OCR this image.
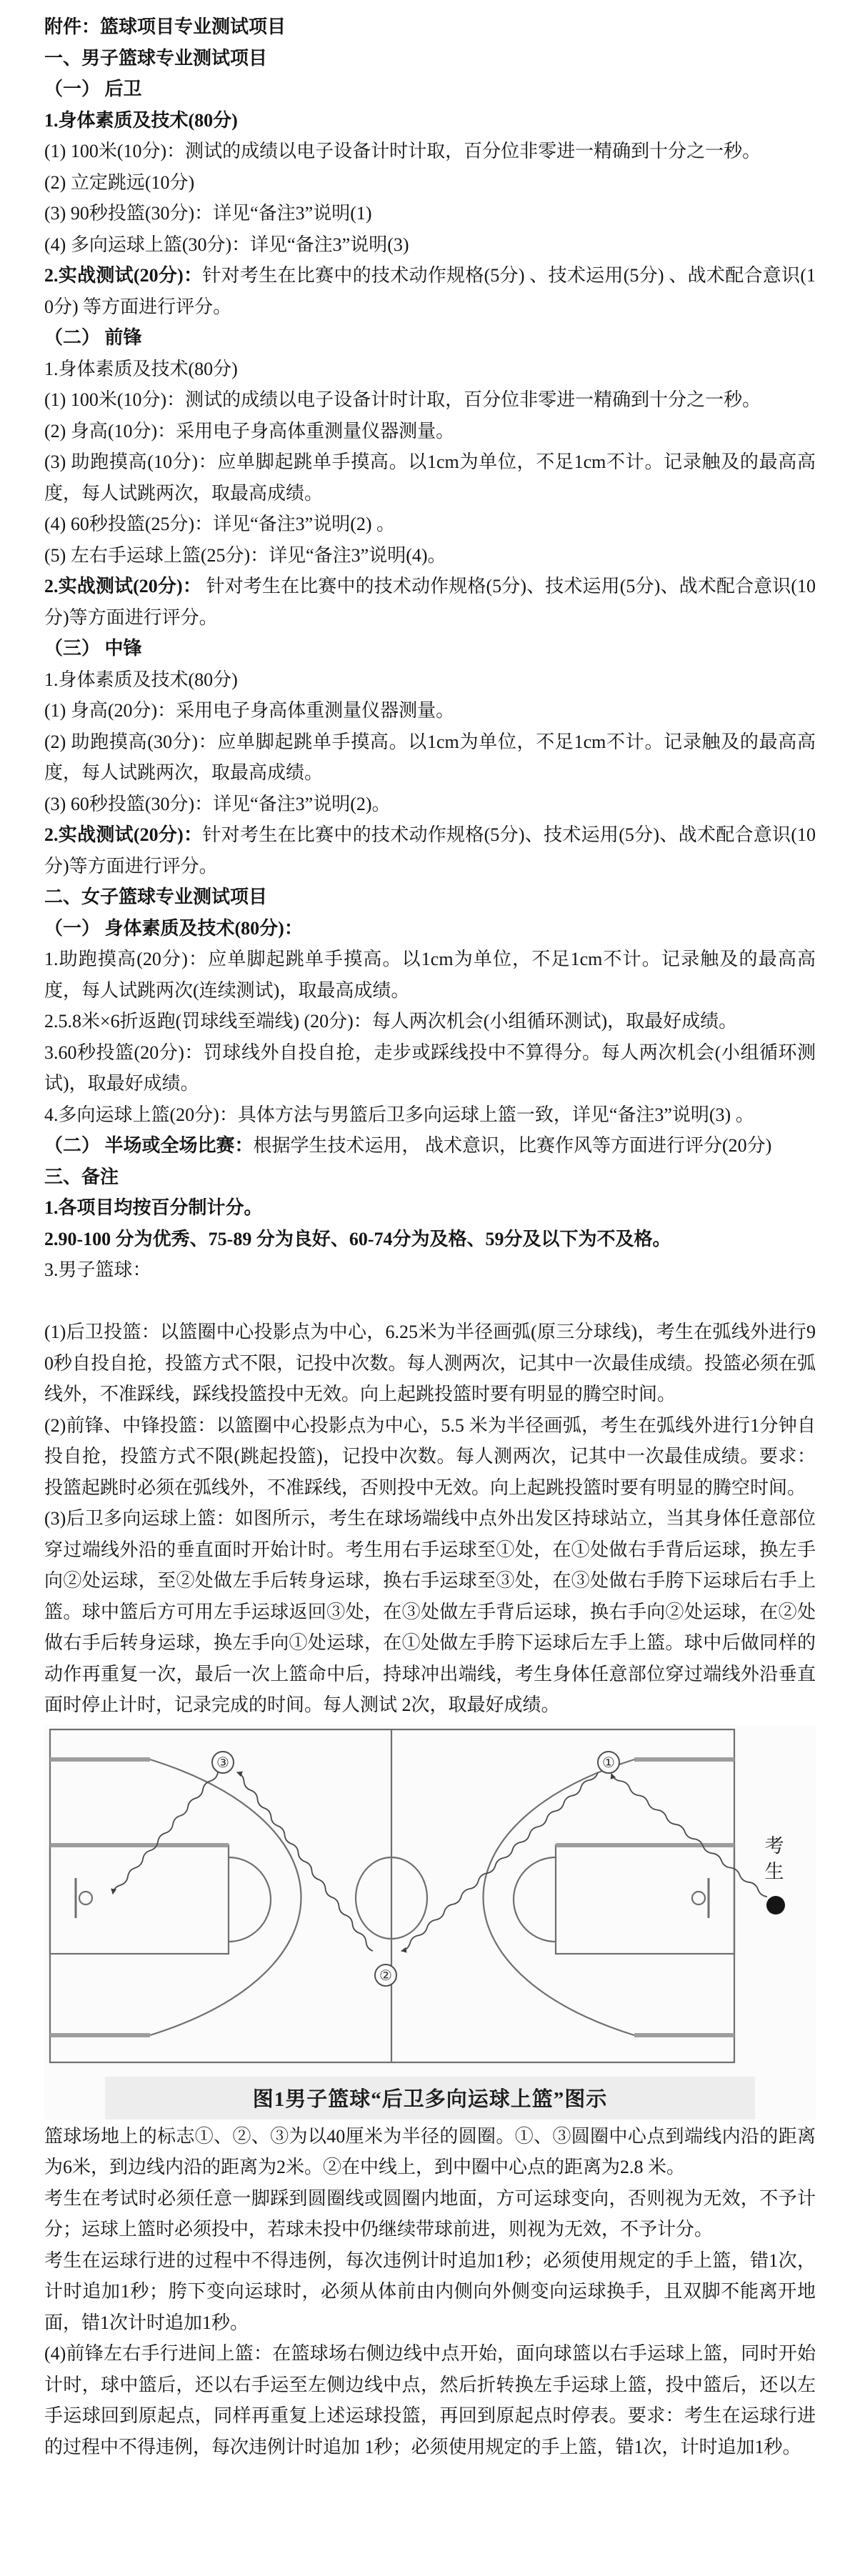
附件：篮球项目专业测试项目

一、男子篮球专业测试项目

（一） 后卫

1.身体素质及技术(80分)

(1) 100米(10分)：测试的成绩以电子设备计时计取，百分位非零进一精确到十分之一秒。

(2) 立定跳远(10分)

(3) 90秒投篮(30分)：详见“备注3”说明(1)

(4) 多向运球上篮(30分)：详见“备注3”说明(3)

2.实战测试(20分)：针对考生在比赛中的技术动作规格(5分) 、技术运用(5分) 、战术配合意识(10分) 等方面进行评分。

（二） 前锋

1.身体素质及技术(80分)

(1) 100米(10分)：测试的成绩以电子设备计时计取，百分位非零进一精确到十分之一秒。

(2) 身高(10分)：采用电子身高体重测量仪器测量。

(3) 助跑摸高(10分)：应单脚起跳单手摸高。以1cm为单位，不足1cm不计。记录触及的最高高度，每人试跳两次，取最高成绩。

(4) 60秒投篮(25分)：详见“备注3”说明(2) 。

(5) 左右手运球上篮(25分)：详见“备注3”说明(4)。

2.实战测试(20分)： 针对考生在比赛中的技术动作规格(5分)、技术运用(5分)、战术配合意识(10分)等方面进行评分。

（三） 中锋

1.身体素质及技术(80分)

(1) 身高(20分)：采用电子身高体重测量仪器测量。

(2) 助跑摸高(30分)：应单脚起跳单手摸高。以1cm为单位，不足1cm不计。记录触及的最高高度，每人试跳两次，取最高成绩。

(3) 60秒投篮(30分)：详见“备注3”说明(2)。

2.实战测试(20分)：针对考生在比赛中的技术动作规格(5分)、技术运用(5分)、战术配合意识(10分)等方面进行评分。

二、女子篮球专业测试项目

（一） 身体素质及技术(80分)：

1.助跑摸高(20分)：应单脚起跳单手摸高。以1cm为单位，不足1cm不计。记录触及的最高高度，每人试跳两次(连续测试)，取最高成绩。

2.5.8米×6折返跑(罚球线至端线) (20分)：每人两次机会(小组循环测试)，取最好成绩。

3.60秒投篮(20分)：罚球线外自投自抢，走步或踩线投中不算得分。每人两次机会(小组循环测试)，取最好成绩。

4.多向运球上篮(20分)：具体方法与男篮后卫多向运球上篮一致，详见“备注3”说明(3) 。

（二） 半场或全场比赛：根据学生技术运用， 战术意识，比赛作风等方面进行评分(20分)

三、备注

1.各项目均按百分制计分。

2.90-100 分为优秀、75-89 分为良好、60-74分为及格、59分及以下为不及格。

3.男子篮球：

(1)后卫投篮：以篮圈中心投影点为中心，6.25米为半径画弧(原三分球线)，考生在弧线外进行90秒自投自抢，投篮方式不限，记投中次数。每人测两次，记其中一次最佳成绩。投篮必须在弧线外，不准踩线，踩线投篮投中无效。向上起跳投篮时要有明显的腾空时间。

(2)前锋、中锋投篮：以篮圈中心投影点为中心，5.5 米为半径画弧，考生在弧线外进行1分钟自投自抢，投篮方式不限(跳起投篮)，记投中次数。每人测两次，记其中一次最佳成绩。要求：投篮起跳时必须在弧线外，不准踩线，否则投中无效。向上起跳投篮时要有明显的腾空时间。

(3)后卫多向运球上篮：如图所示，考生在球场端线中点外出发区持球站立，当其身体任意部位穿过端线外沿的垂直面时开始计时。考生用右手运球至①处，在①处做右手背后运球，换左手向②处运球，至②处做左手后转身运球，换右手运球至③处，在③处做右手胯下运球后右手上篮。球中篮后方可用左手运球返回③处，在③处做左手背后运球，换右手向②处运球，在②处做右手后转身运球，换左手向①处运球，在①处做左手胯下运球后左手上篮。球中后做同样的动作再重复一次，最后一次上篮命中后，持球冲出端线，考生身体任意部位穿过端线外沿垂直面时停止计时，记录完成的时间。每人测试 2次，取最好成绩。

①
②
③
考生
图1男子篮球“后卫多向运球上篮”图示

篮球场地上的标志①、②、③为以40厘米为半径的圆圈。①、③圆圈中心点到端线内沿的距离为6米，到边线内沿的距离为2米。②在中线上，到中圈中心点的距离为2.8 米。

考生在考试时必须任意一脚踩到圆圈线或圆圈内地面，方可运球变向，否则视为无效，不予计分；运球上篮时必须投中，若球未投中仍继续带球前进，则视为无效，不予计分。

考生在运球行进的过程中不得违例，每次违例计时追加1秒；必须使用规定的手上篮，错1次，计时追加1秒；胯下变向运球时，必须从体前由内侧向外侧变向运球换手，且双脚不能离开地面，错1次计时追加1秒。

(4)前锋左右手行进间上篮：在篮球场右侧边线中点开始，面向球篮以右手运球上篮，同时开始计时，球中篮后，还以右手运至左侧边线中点，然后折转换左手运球上篮，投中篮后，还以左手运球回到原起点，同样再重复上述运球投篮，再回到原起点时停表。要求：考生在运球行进的过程中不得违例，每次违例计时追加 1秒；必须使用规定的手上篮，错1次，计时追加1秒。
